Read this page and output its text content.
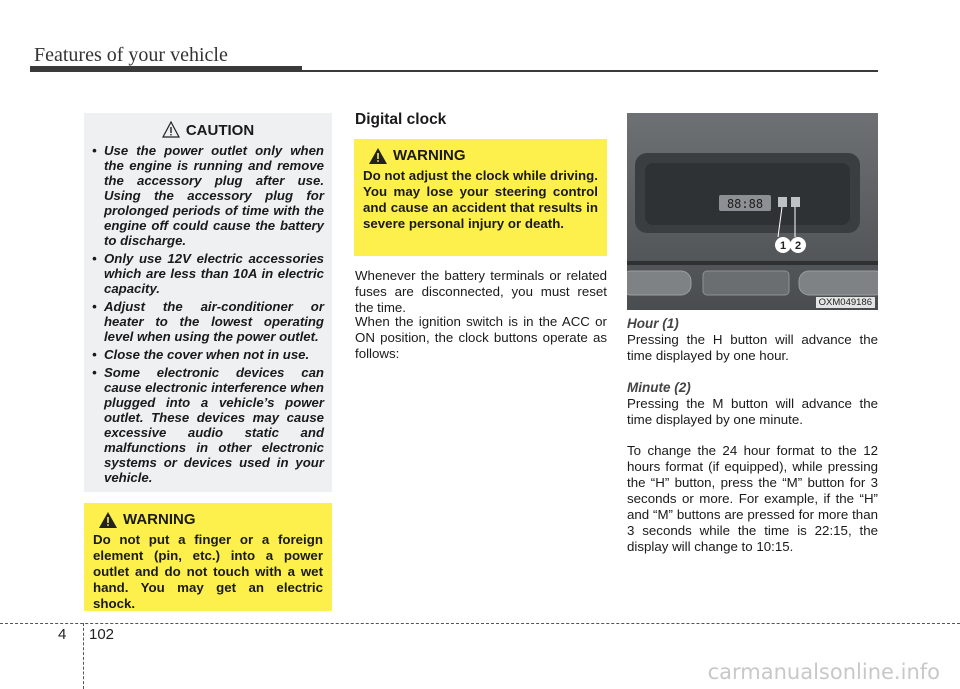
Features of your vehicle
CAUTION
• Use the power outlet only when the engine is running and remove the accessory plug after use. Using the accessory plug for prolonged periods of time with the engine off could cause the battery to discharge.
• Only use 12V electric accessories which are less than 10A in electric capacity.
• Adjust the air-conditioner or heater to the lowest operating level when using the power outlet.
• Close the cover when not in use.
• Some electronic devices can cause electronic interference when plugged into a vehicle’s power outlet. These devices may cause excessive audio static and malfunctions in other electronic systems or devices used in your vehicle.
WARNING
Do not put a finger or a foreign element (pin, etc.) into a power outlet and do not touch with a wet hand. You may get an electric shock.
Digital clock
WARNING
Do not adjust the clock while driving. You may lose your steering control and cause an accident that results in severe personal injury or death.
Whenever the battery terminals or related fuses are disconnected, you must reset the time.
When the ignition switch is in the ACC or ON position, the clock buttons operate as follows:
88:88
1 2
OXM049186
Hour (1)
Pressing the H button will advance the time displayed by one hour.
Minute (2)
Pressing the M button will advance the time displayed by one minute.
To change the 24 hour format to the 12 hours format (if equipped), while pressing the “H” button, press the “M” button for 3 seconds or more. For example, if the “H” and “M” buttons are pressed for more than 3 seconds while the time is 22:15, the display will change to 10:15.
4 102
carmanualsonline.info
